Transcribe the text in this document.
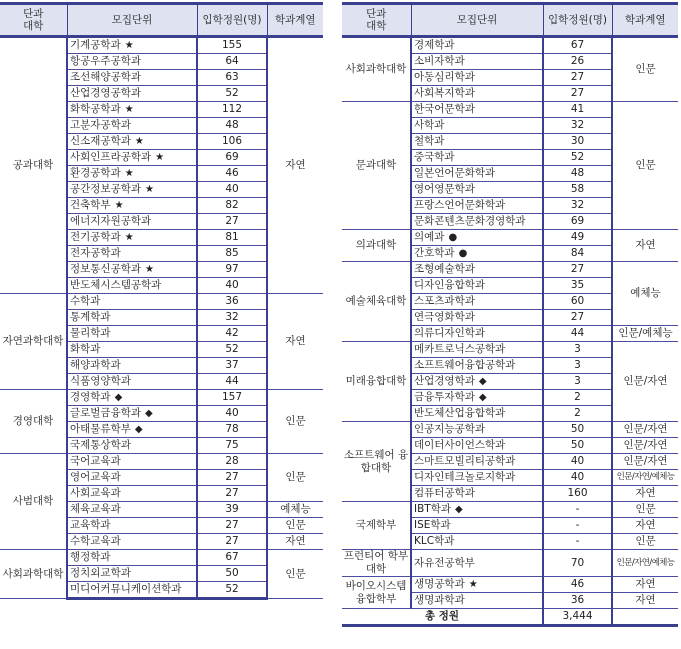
단과
대학	모집단위	입학정원(명)	학과계열
공과대학	기계공학과 ★	155	자연
	항공우주공학과	64	
	조선해양공학과	63	
	산업경영공학과	52	
	화학공학과 ★	112	
	고분자공학과	48	
	신소재공학과 ★	106	
	사회인프라공학과 ★	69	
	환경공학과 ★	46	
	공간정보공학과 ★	40	
	건축학부 ★	82	
	에너지자원공학과	27	
	전기공학과 ★	81	
	전자공학과	85	
	정보통신공학과 ★	97	
	반도체시스템공학과	40	
자연과학대학	수학과	36	자연
	통계학과	32	
	물리학과	42	
	화학과	52	
	해양과학과	37	
	식품영양학과	44	
경영대학	경영학과 ◆	157	인문
	글로벌금융학과 ◆	40	
	아태물류학부 ◆	78	
	국제통상학과	75	
사범대학	국어교육과	28	인문
	영어교육과	27	
	사회교육과	27	
	체육교육과	39	예체능
	교육학과	27	인문
	수학교육과	27	자연
사회과학대학	행정학과	67	인문
	정치외교학과	50	
	미디어커뮤니케이션학과	52	
단과
대학	모집단위	입학정원(명)	학과계열
사회과학대학	경제학과	67	인문
	소비자학과	26	
	아동심리학과	27	
	사회복지학과	27	
문과대학	한국어문학과	41	인문
	사학과	32	
	철학과	30	
	중국학과	52	
	일본언어문화학과	48	
	영어영문학과	58	
	프랑스언어문화학과	32	
	문화콘텐츠문화경영학과	69	
의과대학	의예과 ●	49	자연
	간호학과 ●	84	
예술체육대학	조형예술학과	27	예체능
	디자인융합학과	35	
	스포츠과학과	60	
	연극영화학과	27	
	의류디자인학과	44	인문/예체능
미래융합대학	메카트로닉스공학과	3	인문/자연
	소프트웨어융합공학과	3	
	산업경영학과 ◆	3	
	금융투자학과 ◆	2	
	반도체산업융합학과	2	
소프트웨어 융합대학	인공지능공학과	50	인문/자연
	데이터사이언스학과	50	인문/자연
	스마트모빌리티공학과	40	인문/자연
	디자인테크놀로지학과	40	인문/자연/예체능
	컴퓨터공학과	160	자연
국제학부	IBT학과 ◆	-	인문
	ISE학과	-	자연
	KLC학과	-	인문
프런티어 학부대학	자유전공학부	70	인문/자연/예체능
바이오시스템 융합학부	생명공학과 ★	46	자연
	생명과학과	36	자연
총 정원		3,444	
